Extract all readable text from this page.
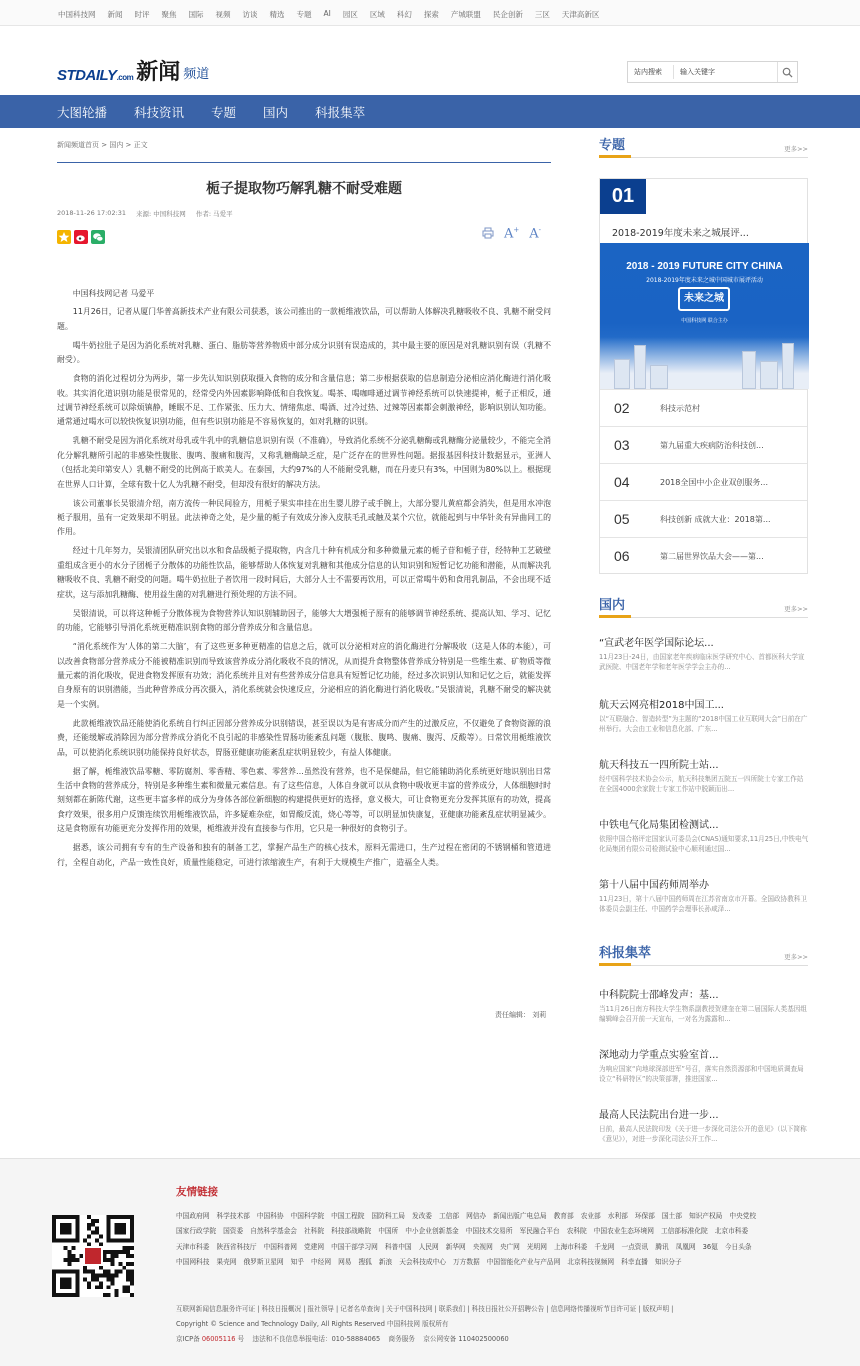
中国科技网 新闻 时评 聚焦 国际 视频 访谈 精选 专题 AI 园区 区域 科幻 探索 产城联盟 民企创新 三区 天津高新区
STDAILY.com 新闻 频道	站内搜索
输入关键字
大图轮播 科技资讯 专题 国内 科报集萃
新闻频道首页 > 国内 > 正文
栀子提取物巧解乳糖不耐受难题
2018-11-26 17:02:31 来源: 中国科技网 作者: 马爱平
A+ A-

中国科技网记者 马爱平

11月26日，记者从厦门华普高新技术产业有限公司获悉，该公司推出的一款栀维液饮品，可以帮助人体解决乳糖吸收不良、乳糖不耐受问题。

喝牛奶拉肚子是因为消化系统对乳糖、蛋白、脂肪等营养物质中部分成分识别有误造成的，其中最主要的原因是对乳糖识别有误（乳糖不耐受）。

食物的消化过程切分为两步，第一步先认知识别获取摄入食物的成分和含量信息；第二步根据获取的信息制造分泌相应消化酶进行消化吸收。其实消化道识别功能是很常见的，经常受内外因素影响降低和自我恢复。喝茶、喝咖啡通过调节神经系统可以快速提神，栀子正相反，通过调节神经系统可以除烦镇静，睡眠不足、工作紧张、压力大、情绪焦虑、喝酒、过冷过热、过辣等因素都会刺激神经，影响识别认知功能。通常通过喝水可以较快恢复识别功能，但有些识别功能是不容易恢复的，如对乳糖的识别。

乳糖不耐受是因为消化系统对母乳或牛乳中的乳糖信息识别有误（不准确），导致消化系统不分泌乳糖酶或乳糖酶分泌量较少，不能完全消化分解乳糖所引起的非感染性腹胀、腹鸣、腹痛和腹泻，又称乳糖酶缺乏症，是广泛存在的世界性问题。据报基因科技计数据显示，亚洲人（包括北美印第安人）乳糖不耐受的比例高于欧美人。在泰国，大约97%的人不能耐受乳糖，而在丹麦只有3%，中国则为80%以上。根据现在世界人口计算，全球有数十亿人为乳糖不耐受，但却没有很好的解决方法。

该公司董事长吴银清介绍，南方流传一种民间验方，用栀子果实串挂在出生婴儿脖子或手腕上，大部分婴儿黄疸都会消失，但是用水冲泡栀子服用，虽有一定效果却不明显。此法神奇之处，是少量的栀子有效成分渗入皮肤毛孔或触及某个穴位，就能起到与中华针灸有异曲同工的作用。

经过十几年努力，吴银清团队研究出以水和食品级栀子提取物，内含几十种有机成分和多种微量元素的栀子苷和栀子苷，经特种工艺破壁重组成含更小的水分子团栀子分散体的功能性饮品，能够帮助人体恢复对乳糖和其他成分信息的认知识别和短暂记忆功能和潜能，从而解决乳糖吸收不良、乳糖不耐受的问题。喝牛奶拉肚子者饮用一段时间后，大部分人士不需要再饮用，可以正常喝牛奶和食用乳制品，不会出现不适症状，这与添加乳糖酶、使用益生菌的对乳糖进行预处理的方法不同。

吴银清说，可以将这种栀子分散体视为食物营养认知识别辅助因子，能够大大增强栀子原有的能够调节神经系统、提高认知、学习、记忆的功能，它能够引导消化系统更精准识别食物的部分营养成分和含量信息。

“消化系统作为‘人体的第二大脑’，有了这些更多种更精准的信息之后，就可以分泌相对应的消化酶进行分解吸收（这是人体的本能），可以改善食物部分营养成分不能被精准识别而导致该营养成分消化吸收不良的情况，从而提升食物整体营养成分特别是一些维生素、矿物质等微量元素的消化吸收，促进食物发挥原有功效；消化系统并且对有些营养成分信息具有短暂记忆功能，经过多次识别认知和记忆之后，就能发挥自身原有的识别潜能，当此种营养成分再次摄入，消化系统就会快速反应，分泌相应的消化酶进行消化吸收。”吴银清说，乳糖不耐受的解决就是一个实例。

此款栀维液饮品还能使消化系统自行纠正因部分营养成分识别错误，甚至误以为是有害成分而产生的过激反应，不仅避免了食物资源的浪费，还能缓解或消除因为部分营养成分消化不良引起的非感染性胃肠功能紊乱问题（腹胀、腹鸣、腹痛、腹泻、反酸等）。日常饮用栀维液饮品，可以使消化系统识别功能保持良好状态，胃肠亚健康功能紊乱症状明显较少，有益人体健康。

据了解，栀维液饮品零糖、零防腐剂、零香精、零色素、零营养…虽然没有营养，也不是保健品，但它能辅助消化系统更好地识别出日常生活中食物的营养成分，特别是多种维生素和微量元素信息。有了这些信息，人体自身就可以从食物中吸收更丰富的营养成分，人体细胞时时刻刻都在新陈代谢，这些更丰富多样的成分为身体各部位新细胞的构建提供更好的选择，意义极大，可让食物更充分发挥其原有的功效，提高食疗效果，很多用户反馈连续饮用栀维液饮品，许多疑难杂症，如胃酸反流，烧心等等，可以明显加快康复，亚健康功能紊乱症状明显减少。这是食物原有功能更充分发挥作用的效果，栀维液并没有直接参与作用，它只是一种很好的食物引子。

据悉，该公司拥有专有的生产设备和独有的制备工艺，掌握产品生产的核心技术，原料无需进口，生产过程在密闭的不锈钢桶和管道进行，全程自动化，产品一致性良好，质量性能稳定，可进行浓缩液生产，有利于大规模生产推广，造福全人类。

责任编辑： 刘莉
专题	更多>>
01
2018-2019年度未来之城展评...
2018 - 2019 FUTURE CITY CHINA
2018-2019年度未来之城中国城市展评活动
未来之城
中国科技网 联合主办
02	科技示范村
03	第九届重大疾病防治科技创...
04	2018全国中小企业双创服务...
05	科技创新 成就大业：2018第...
06	第二届世界饮品大会——第...
国内	更多>>
“宣武老年医学国际论坛...
11月23日-24日，由国家老年疾病临床医学研究中心、首都医科大学宣武医院、中国老年学和老年医学学会主办的...
航天云网亮相2018中国工...
以“互联融合、智造转型”为主题的“2018中国工业互联网大会”日前在广州举行。大会由工业和信息化部、广东...
航天科技五一四所院士站...
经中国科学技术协会公示，航天科技集团五院五一四所院士专家工作站在全国4000余家院士专家工作站中脱颖而出...
中铁电气化局集团检测试...
依照中国合格评定国家认可委员会(CNAS)通知要求,11月25日,中铁电气化局集团有限公司检测试验中心顺利通过国...
第十八届中国药师周举办
11月23日，第十八届中国药师周在江苏省南京市开幕。全国政协教科卫体委员会副主任、中国药学会理事长孙咸泽...
科报集萃	更多>>
中科院院士邵峰发声：基...
当11月26日南方科技大学生物系副教授贺建奎在第二届国际人类基因组编辑峰会召开前一天宣布，一对名为露露和...
深地动力学重点实验室首...
为响应国家“向地球深部进军”号召，落实自然资源部和中国地质调查局设立“科研特区”的决策部署，推进国家...
最高人民法院出台进一步...
日前，最高人民法院印发《关于进一步深化司法公开的意见》（以下简称《意见》），对进一步深化司法公开工作...
友情链接
中国政府网 科学技术部 中国科协 中国科学院 中国工程院 国防科工局 发改委 工信部 网信办 新闻出版广电总局 教育部 农业部 水利部 环保部 国土部 知识产权局 中央党校国家行政学院 国资委 自然科学基金会 社科院 科技部战略院 中国所 中小企业创新基金 中国技术交易所 军民融合平台 农科院 中国农业生态环境网 工信部标准化院 北京市科委天津市科委 陕西省科技厅 中国科普网 党建网 中国干部学习网 科普中国 人民网 新华网 央视网 央广网 光明网 上海市科委 千龙网 一点资讯 腾讯 凤凰网 36氪 今日头条中国网科技 果壳网 俄罗斯卫星网 知乎 中经网 网易 搜狐 新浪 天会科技成中心 万方数据 中国智能化产业与产品网 北京科技视频网 科幸直播 知识分子
互联网新闻信息服务许可证 | 科技日报概况 | 报社领导 | 记者名单查询 | 关于中国科技网 | 联系我们 | 科技日报社公开招聘公告 | 信息网络传播视听节目许可证 | 版权声明 |
Copyright © Science and Technology Daily, All Rights Reserved 中国科技网 版权所有
京ICP备 06005116 号 违法和不良信息举报电话：010-58884065 商务服务 京公网安备 110402500060
